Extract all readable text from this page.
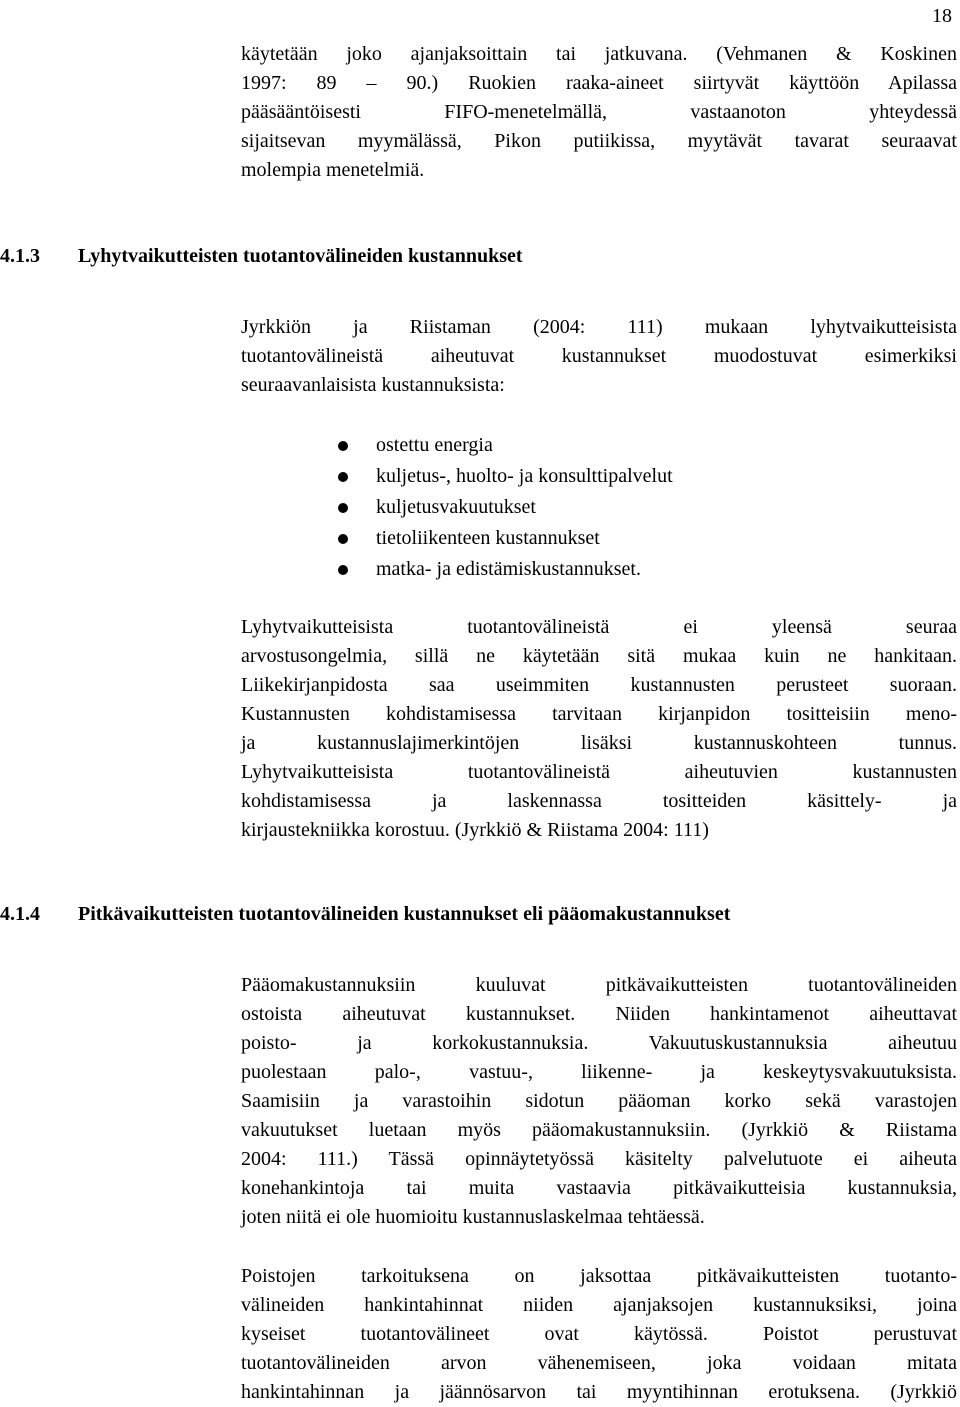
18
käytetään joko ajanjaksoittain tai jatkuvana. (Vehmanen & Koskinen
1997: 89 – 90.) Ruokien raaka-aineet siirtyvät käyttöön Apilassa
pääsääntöisesti FIFO-menetelmällä, vastaanoton yhteydessä
sijaitsevan myymälässä, Pikon putiikissa, myytävät tavarat seuraavat
molempia menetelmiä.
4.1.3 Lyhytvaikutteisten tuotantovälineiden kustannukset
Jyrkkiön ja Riistaman (2004: 111) mukaan lyhytvaikutteisista
tuotantovälineistä aiheutuvat kustannukset muodostuvat esimerkiksi
seuraavanlaisista kustannuksista:
ostettu energia
kuljetus-, huolto- ja konsulttipalvelut
kuljetusvakuutukset
tietoliikenteen kustannukset
matka- ja edistämiskustannukset.
Lyhytvaikutteisista tuotantovälineistä ei yleensä seuraa
arvostusongelmia, sillä ne käytetään sitä mukaa kuin ne hankitaan.
Liikekirjanpidosta saa useimmiten kustannusten perusteet suoraan.
Kustannusten kohdistamisessa tarvitaan kirjanpidon tositteisiin meno-
ja kustannuslajimerkintöjen lisäksi kustannuskohteen tunnus.
Lyhytvaikutteisista tuotantovälineistä aiheutuvien kustannusten
kohdistamisessa ja laskennassa tositteiden käsittely- ja
kirjaustekniikka korostuu. (Jyrkkiö & Riistama 2004: 111)
4.1.4 Pitkävaikutteisten tuotantovälineiden kustannukset eli pääomakustannukset
Pääomakustannuksiin kuuluvat pitkävaikutteisten tuotantovälineiden
ostoista aiheutuvat kustannukset. Niiden hankintamenot aiheuttavat
poisto- ja korkokustannuksia. Vakuutuskustannuksia aiheutuu
puolestaan palo-, vastuu-, liikenne- ja keskeytysvakuutuksista.
Saamisiin ja varastoihin sidotun pääoman korko sekä varastojen
vakuutukset luetaan myös pääomakustannuksiin. (Jyrkkiö & Riistama
2004: 111.) Tässä opinnäytetyössä käsitelty palvelutuote ei aiheuta
konehankintoja tai muita vastaavia pitkävaikutteisia kustannuksia,
joten niitä ei ole huomioitu kustannuslaskelmaa tehtäessä.
Poistojen tarkoituksena on jaksottaa pitkävaikutteisten tuotanto-
välineiden hankintahinnat niiden ajanjaksojen kustannuksiksi, joina
kyseiset tuotantovälineet ovat käytössä. Poistot perustuvat
tuotantovälineiden arvon vähenemiseen, joka voidaan mitata
hankintahinnan ja jäännösarvon tai myyntihinnan erotuksena. (Jyrkkiö
